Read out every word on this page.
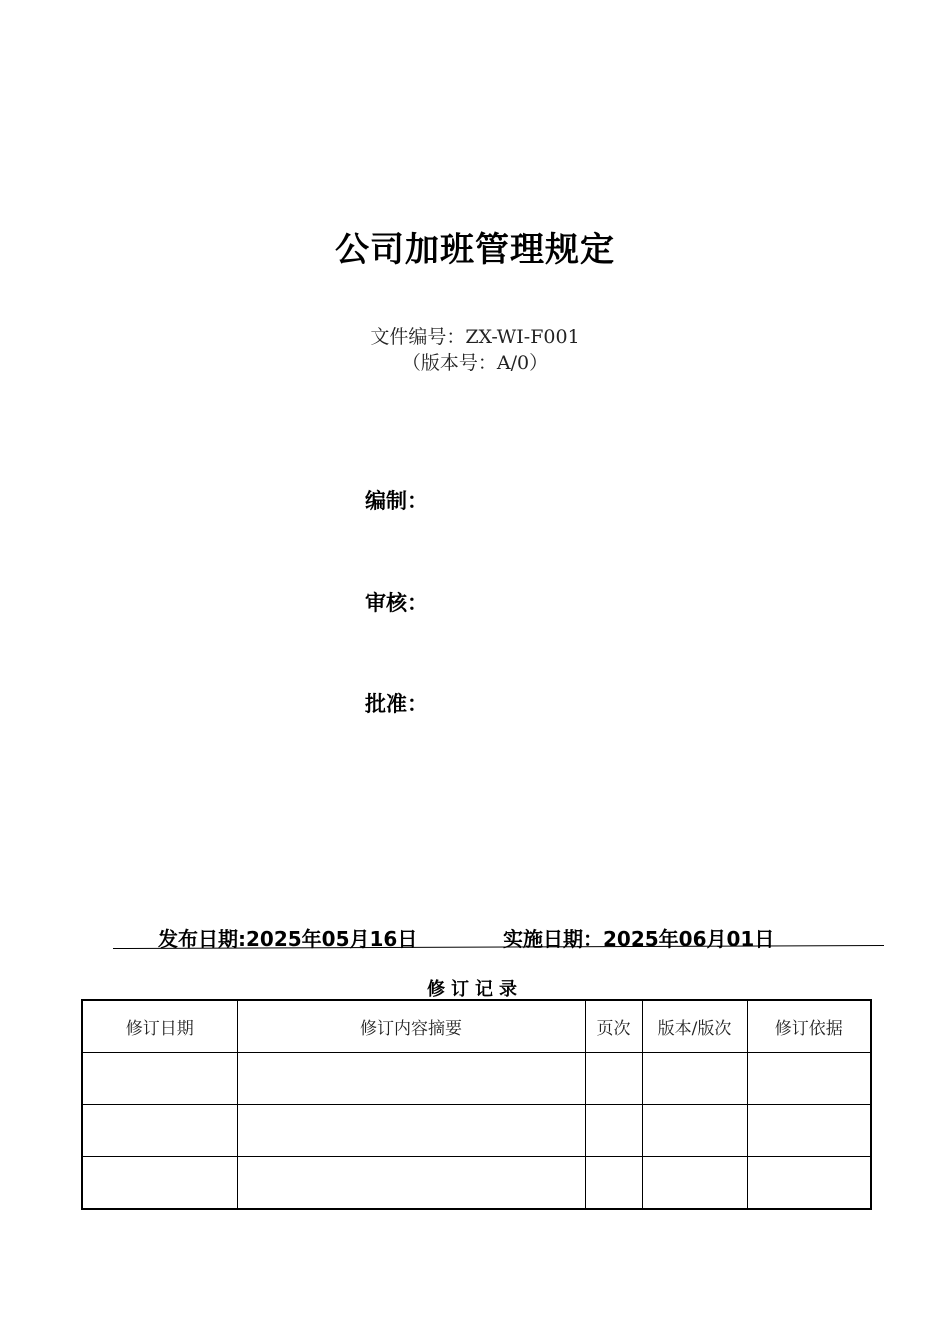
公司加班管理规定
文件编号：ZX-WI-F001
（版本号：A/0）
编制：
审核：
批准：
发布日期:2025年05月16日	实施日期：2025年06月01日
修订记录
修订日期	修订内容摘要	页次	版本/版次	修订依据
